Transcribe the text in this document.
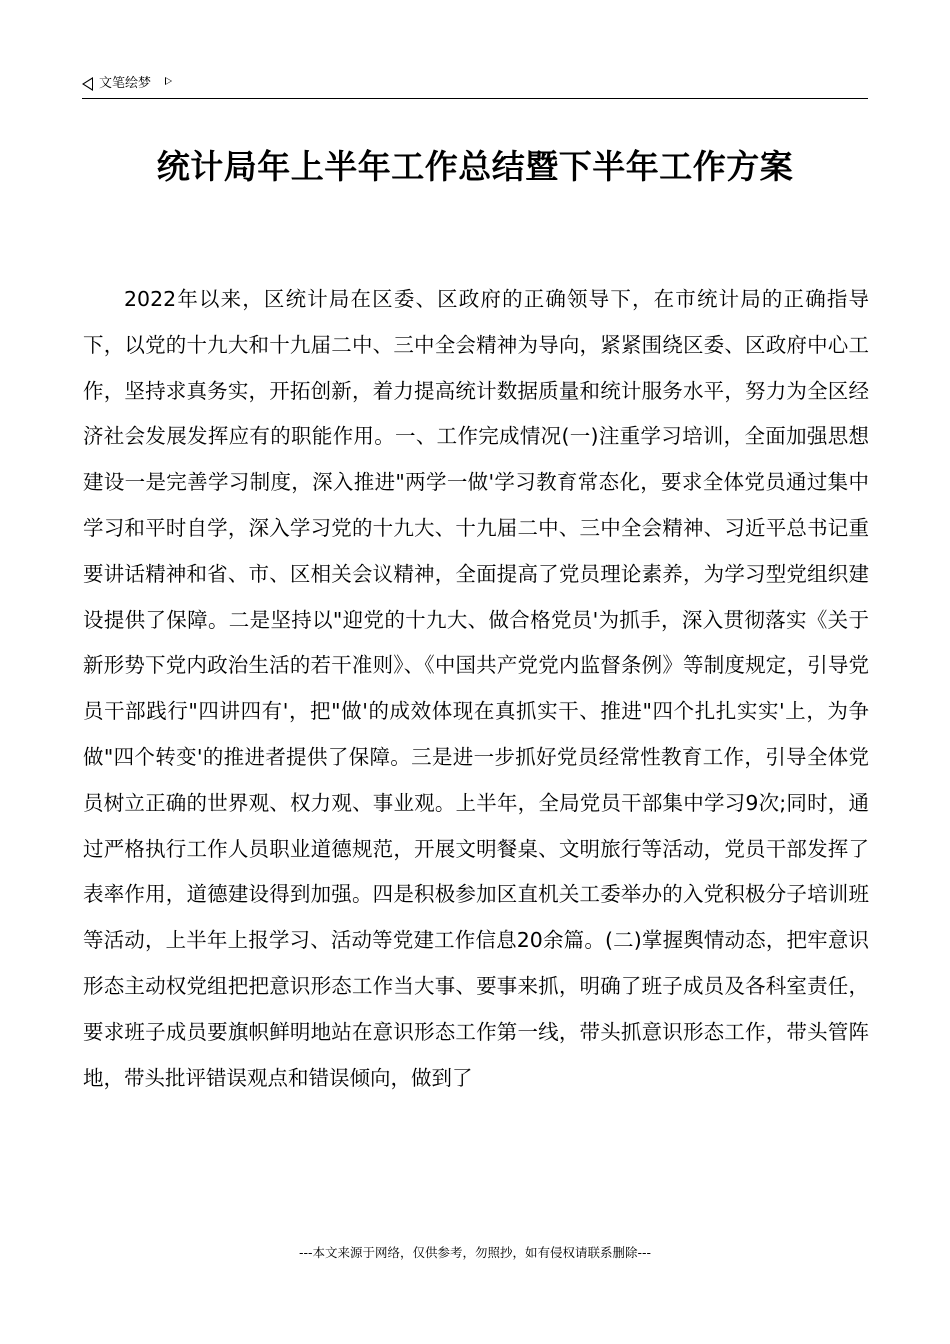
文笔绘梦
统计局年上半年工作总结暨下半年工作方案

2022年以来，区统计局在区委、区政府的正确领导下，在市统计局的正确指导下，以党的十九大和十九届二中、三中全会精神为导向，紧紧围绕区委、区政府中心工作，坚持求真务实，开拓创新，着力提高统计数据质量和统计服务水平，努力为全区经济社会发展发挥应有的职能作用。一、工作完成情况(一)注重学习培训，全面加强思想建设一是完善学习制度，深入推进"两学一做'学习教育常态化，要求全体党员通过集中学习和平时自学，深入学习党的十九大、十九届二中、三中全会精神、习近平总书记重要讲话精神和省、市、区相关会议精神，全面提高了党员理论素养，为学习型党组织建设提供了保障。二是坚持以"迎党的十九大、做合格党员'为抓手，深入贯彻落实《关于新形势下党内政治生活的若干准则》、《中国共产党党内监督条例》等制度规定，引导党员干部践行"四讲四有'，把"做'的成效体现在真抓实干、推进"四个扎扎实实'上，为争做"四个转变'的推进者提供了保障。三是进一步抓好党员经常性教育工作，引导全体党员树立正确的世界观、权力观、事业观。上半年，全局党员干部集中学习9次;同时，通过严格执行工作人员职业道德规范，开展文明餐桌、文明旅行等活动，党员干部发挥了表率作用，道德建设得到加强。四是积极参加区直机关工委举办的入党积极分子培训班等活动，上半年上报学习、活动等党建工作信息20余篇。(二)掌握舆情动态，把牢意识形态主动权党组把把意识形态工作当大事、要事来抓，明确了班子成员及各科室责任，要求班子成员要旗帜鲜明地站在意识形态工作第一线，带头抓意识形态工作，带头管阵地，带头批评错误观点和错误倾向，做到了

---本文来源于网络，仅供参考，勿照抄，如有侵权请联系删除---
